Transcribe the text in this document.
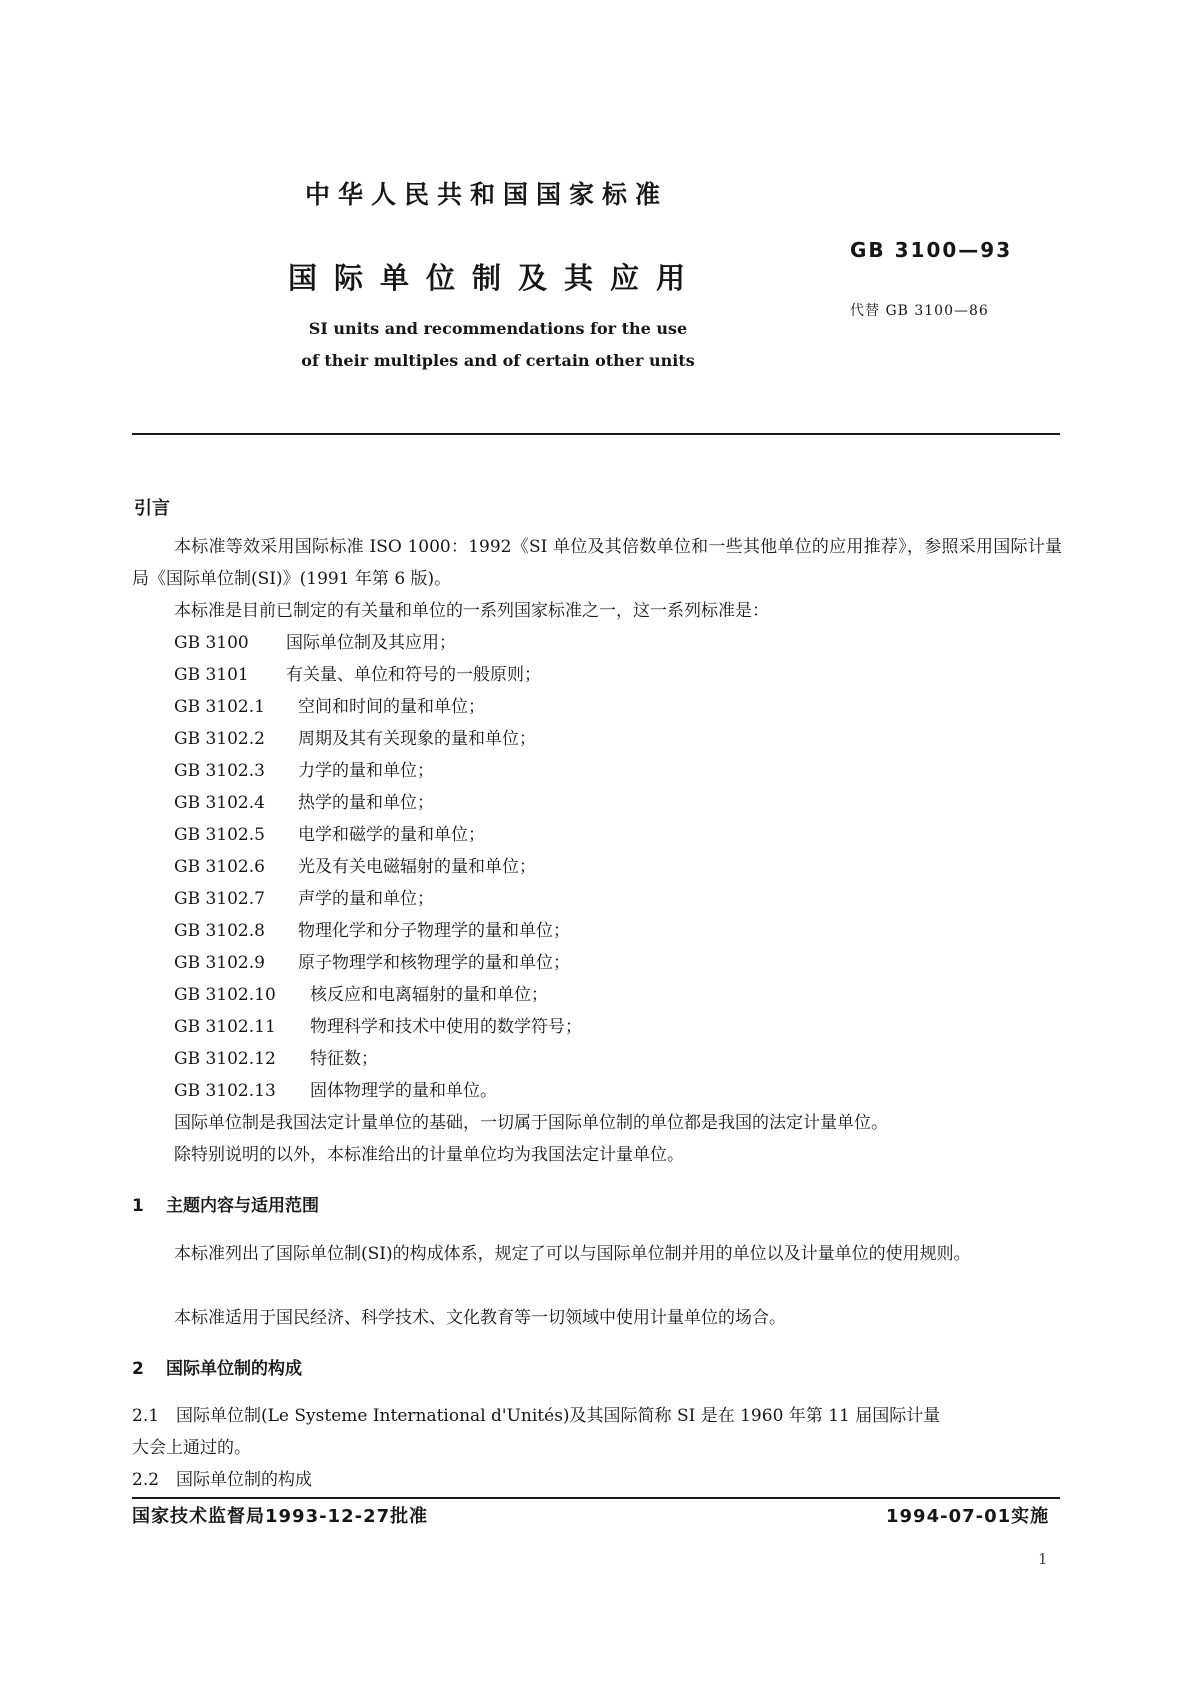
中华人民共和国国家标准
国际单位制及其应用
SI units and recommendations for the use
of their multiples and of certain other units
GB 3100—93
代替 GB 3100—86
引言
本标准等效采用国际标准 ISO 1000：1992《SI 单位及其倍数单位和一些其他单位的应用推荐》，参照采用国际计量局《国际单位制(SI)》(1991 年第 6 版)。
本标准是目前已制定的有关量和单位的一系列国家标准之一，这一系列标准是：
GB 3100 国际单位制及其应用；
GB 3101 有关量、单位和符号的一般原则；
GB 3102.1 空间和时间的量和单位；
GB 3102.2 周期及其有关现象的量和单位；
GB 3102.3 力学的量和单位；
GB 3102.4 热学的量和单位；
GB 3102.5 电学和磁学的量和单位；
GB 3102.6 光及有关电磁辐射的量和单位；
GB 3102.7 声学的量和单位；
GB 3102.8 物理化学和分子物理学的量和单位；
GB 3102.9 原子物理学和核物理学的量和单位；
GB 3102.10 核反应和电离辐射的量和单位；
GB 3102.11 物理科学和技术中使用的数学符号；
GB 3102.12 特征数；
GB 3102.13 固体物理学的量和单位。
国际单位制是我国法定计量单位的基础，一切属于国际单位制的单位都是我国的法定计量单位。
除特别说明的以外，本标准给出的计量单位均为我国法定计量单位。
1 主题内容与适用范围
本标准列出了国际单位制(SI)的构成体系，规定了可以与国际单位制并用的单位以及计量单位的使用规则。
本标准适用于国民经济、科学技术、文化教育等一切领域中使用计量单位的场合。
2 国际单位制的构成
2.1 国际单位制(Le Systeme International d'Unités)及其国际简称 SI 是在 1960 年第 11 届国际计量
大会上通过的。
2.2 国际单位制的构成
国家技术监督局1993-12-27批准	1994-07-01实施
1
